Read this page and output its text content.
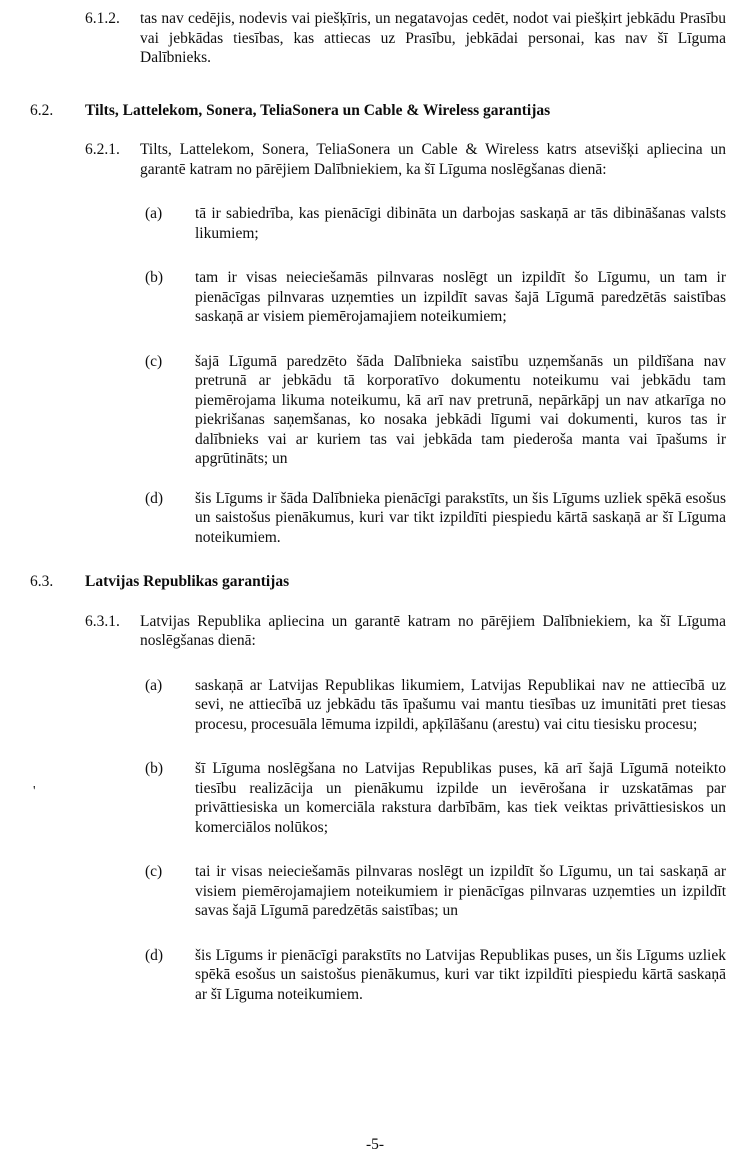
6.1.2.	tas nav cedējis, nodevis vai piešķīris, un negatavojas cedēt, nodot vai piešķirt jebkādu Prasību vai jebkādas tiesības, kas attiecas uz Prasību, jebkādai personai, kas nav šī Līguma Dalībnieks.

6.2.	Tilts, Lattelekom, Sonera, TeliaSonera un Cable & Wireless garantijas

6.2.1.	Tilts, Lattelekom, Sonera, TeliaSonera un Cable & Wireless katrs atsevišķi apliecina un garantē katram no pārējiem Dalībniekiem, ka šī Līguma noslēgšanas dienā:

(a)	tā ir sabiedrība, kas pienācīgi dibināta un darbojas saskaņā ar tās dibināšanas valsts likumiem;

(b)	tam ir visas neieciešamās pilnvaras noslēgt un izpildīt šo Līgumu, un tam ir pienācīgas pilnvaras uzņemties un izpildīt savas šajā Līgumā paredzētās saistības saskaņā ar visiem piemērojamajiem noteikumiem;

(c)	šajā Līgumā paredzēto šāda Dalībnieka saistību uzņemšanās un pildīšana nav pretrunā ar jebkādu tā korporatīvo dokumentu noteikumu vai jebkādu tam piemērojama likuma noteikumu, kā arī nav pretrunā, nepārkāpj un nav atkarīga no piekrišanas saņemšanas, ko nosaka jebkādi līgumi vai dokumenti, kuros tas ir dalībnieks vai ar kuriem tas vai jebkāda tam piederoša manta vai īpašums ir apgrūtināts; un

(d)	šis Līgums ir šāda Dalībnieka pienācīgi parakstīts, un šis Līgums uzliek spēkā esošus un saistošus pienākumus, kuri var tikt izpildīti piespiedu kārtā saskaņā ar šī Līguma noteikumiem.

6.3.	Latvijas Republikas garantijas

6.3.1.	Latvijas Republika apliecina un garantē katram no pārējiem Dalībniekiem, ka šī Līguma noslēgšanas dienā:

(a)	saskaņā ar Latvijas Republikas likumiem, Latvijas Republikai nav ne attiecībā uz sevi, ne attiecībā uz jebkādu tās īpašumu vai mantu tiesības uz imunitāti pret tiesas procesu, procesuāla lēmuma izpildi, apķīlāšanu (arestu) vai citu tiesisku procesu;

(b)	šī Līguma noslēgšana no Latvijas Republikas puses, kā arī šajā Līgumā noteikto tiesību realizācija un pienākumu izpilde un ievērošana ir uzskatāmas par privāttiesiska un komerciāla rakstura darbībām, kas tiek veiktas privāttiesiskos un komerciālos nolūkos;

(c)	tai ir visas neieciešamās pilnvaras noslēgt un izpildīt šo Līgumu, un tai saskaņā ar visiem piemērojamajiem noteikumiem ir pienācīgas pilnvaras uzņemties un izpildīt savas šajā Līgumā paredzētās saistības; un

(d)	šis Līgums ir pienācīgi parakstīts no Latvijas Republikas puses, un šis Līgums uzliek spēkā esošus un saistošus pienākumus, kuri var tikt izpildīti piespiedu kārtā saskaņā ar šī Līguma noteikumiem.

'
-5-
